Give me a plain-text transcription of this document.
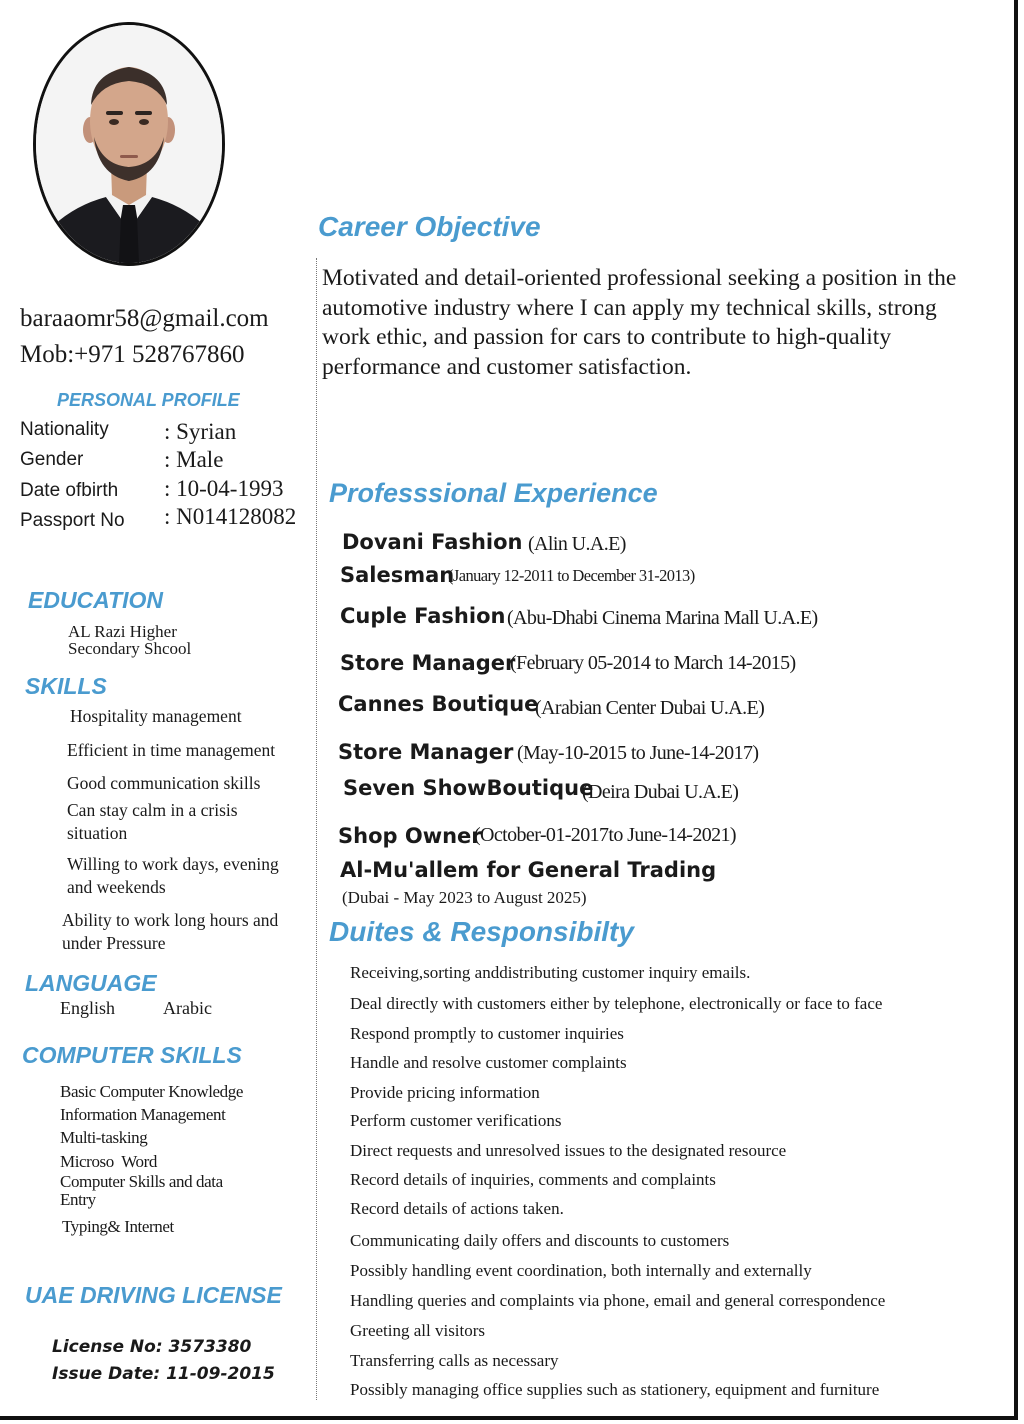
baraaomr58@gmail.com
Mob:+971 528767860
PERSONAL PROFILE
Nationality : Syrian
Gender	: Male
Date ofbirth : 10-04-1993
Passport No : N014128082
EDUCATION
AL Razi Higher
Secondary Shcool
SKILLS
Hospitality management
Efficient in time management
Good communication skills
Can stay calm in a crisis situation
Willing to work days, evening and weekends
Ability to work long hours and under Pressure
LANGUAGE
English	Arabic
COMPUTER SKILLS
Basic Computer Knowledge
Information Management
Multi-tasking
Microso  Word
Computer Skills and data Entry
Typing& Internet
UAE DRIVING LICENSE
License No: 3573380
Issue Date: 11-09-2015
Career Objective
Motivated and detail-oriented professional seeking a position in the
automotive industry where I can apply my technical skills, strong
work ethic, and passion for cars to contribute to high-quality
performance and customer satisfaction.
Professsional Experience
Dovani Fashion (Alin U.A.E)
Salesman
(January 12-2011 to December 31-2013)
Cuple Fashion (Abu-Dhabi Cinema Marina Mall U.A.E)
Store Manager
(February 05-2014 to March 14-2015)
Cannes Boutique
(Arabian Center Dubai U.A.E)
Store Manager (May-10-2015 to June-14-2017)
Seven ShowBoutique
(Deira Dubai U.A.E)
Shop Owner
(October-01-2017to June-14-2021)
Al-Mu'allem for General Trading
(Dubai - May 2023 to August 2025)
Duites & Responsibilty
Receiving,sorting anddistributing customer inquiry emails.
Deal directly with customers either by telephone, electronically or face to face
Respond promptly to customer inquiries
Handle and resolve customer complaints
Provide pricing information
Perform customer verifications
Direct requests and unresolved issues to the designated resource
Record details of inquiries, comments and complaints
Record details of actions taken.
Communicating daily offers and discounts to customers
Possibly handling event coordination, both internally and externally
Handling queries and complaints via phone, email and general correspondence
Greeting all visitors
Transferring calls as necessary
Possibly managing office supplies such as stationery, equipment and furniture
